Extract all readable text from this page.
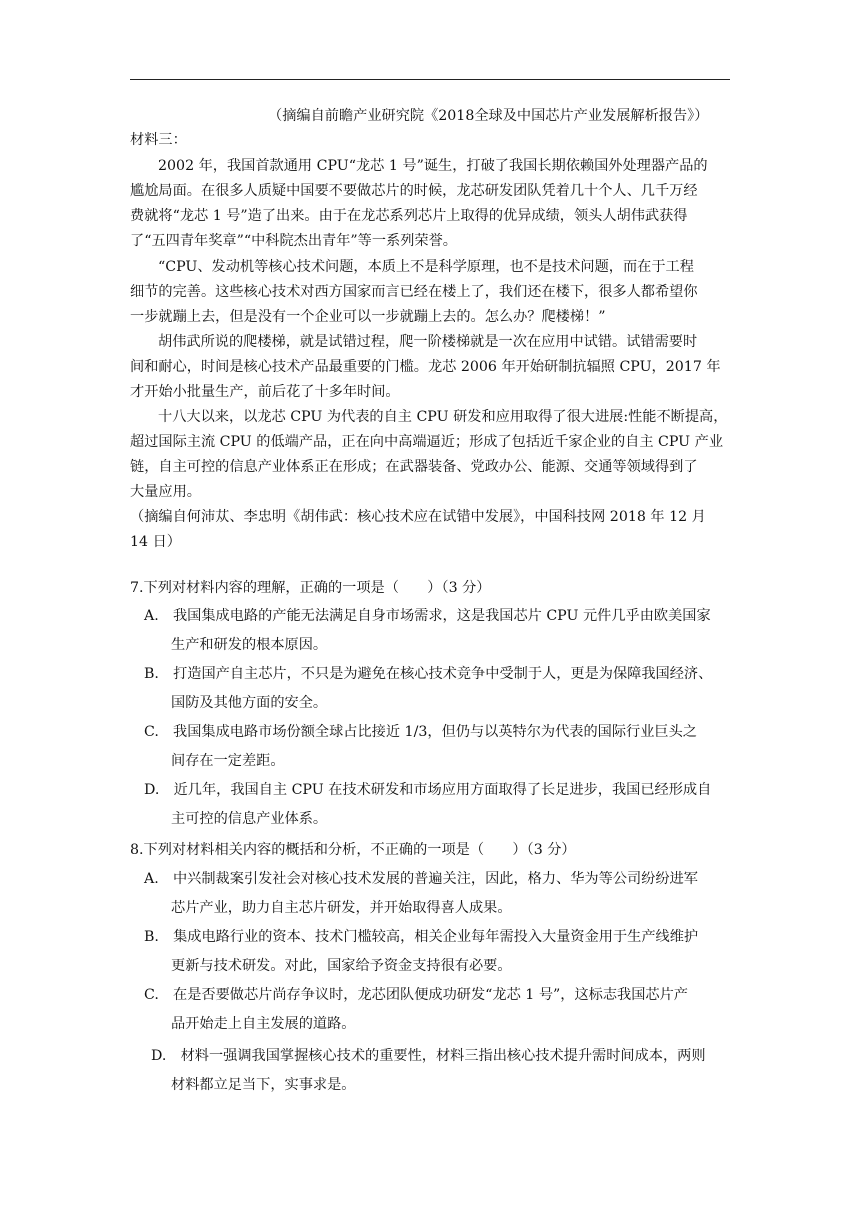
（摘编自前瞻产业研究院《2018全球及中国芯片产业发展解析报告》）
材料三：
2002 年，我国首款通用 CPU“龙芯 1 号”诞生，打破了我国长期依赖国外处理器产品的
尴尬局面。在很多人质疑中国要不要做芯片的时候，龙芯研发团队凭着几十个人、几千万经
费就将“龙芯 1 号”造了出来。由于在龙芯系列芯片上取得的优异成绩，领头人胡伟武获得
了“五四青年奖章”“中科院杰出青年”等一系列荣誉。
“CPU、发动机等核心技术问题，本质上不是科学原理，也不是技术问题，而在于工程
细节的完善。这些核心技术对西方国家而言已经在楼上了，我们还在楼下，很多人都希望你
一步就蹦上去，但是没有一个企业可以一步就蹦上去的。怎么办？爬楼梯！”
胡伟武所说的爬楼梯，就是试错过程，爬一阶楼梯就是一次在应用中试错。试错需要时
间和耐心，时间是核心技术产品最重要的门槛。龙芯 2006 年开始研制抗辐照 CPU，2017 年
才开始小批量生产，前后花了十多年时间。
十八大以来，以龙芯 CPU 为代表的自主 CPU 研发和应用取得了很大进展:性能不断提高，
超过国际主流 CPU 的低端产品，正在向中高端逼近；形成了包括近千家企业的自主 CPU 产业
链，自主可控的信息产业体系正在形成；在武器装备、党政办公、能源、交通等领域得到了
大量应用。
（摘编自何沛苁、李忠明《胡伟武：核心技术应在试错中发展》，中国科技网 2018 年 12 月
14 日）
7.下列对材料内容的理解，正确的一项是（　　）（3 分）
A.　我国集成电路的产能无法满足自身市场需求，这是我国芯片 CPU 元件几乎由欧美国家
生产和研发的根本原因。
B.　打造国产自主芯片，不只是为避免在核心技术竞争中受制于人，更是为保障我国经济、
国防及其他方面的安全。
C.　我国集成电路市场份额全球占比接近 1/3，但仍与以英特尔为代表的国际行业巨头之
间存在一定差距。
D.　近几年，我国自主 CPU 在技术研发和市场应用方面取得了长足进步，我国已经形成自
主可控的信息产业体系。
8.下列对材料相关内容的概括和分析，不正确的一项是（　　）（3 分）
A.　中兴制裁案引发社会对核心技术发展的普遍关注，因此，格力、华为等公司纷纷进军
芯片产业，助力自主芯片研发，并开始取得喜人成果。
B.　集成电路行业的资本、技术门槛较高，相关企业每年需投入大量资金用于生产线维护
更新与技术研发。对此，国家给予资金支持很有必要。
C.　在是否要做芯片尚存争议时，龙芯团队便成功研发“龙芯 1 号”，这标志我国芯片产
品开始走上自主发展的道路。
D.　材料一强调我国掌握核心技术的重要性，材料三指出核心技术提升需时间成本，两则
材料都立足当下，实事求是。
